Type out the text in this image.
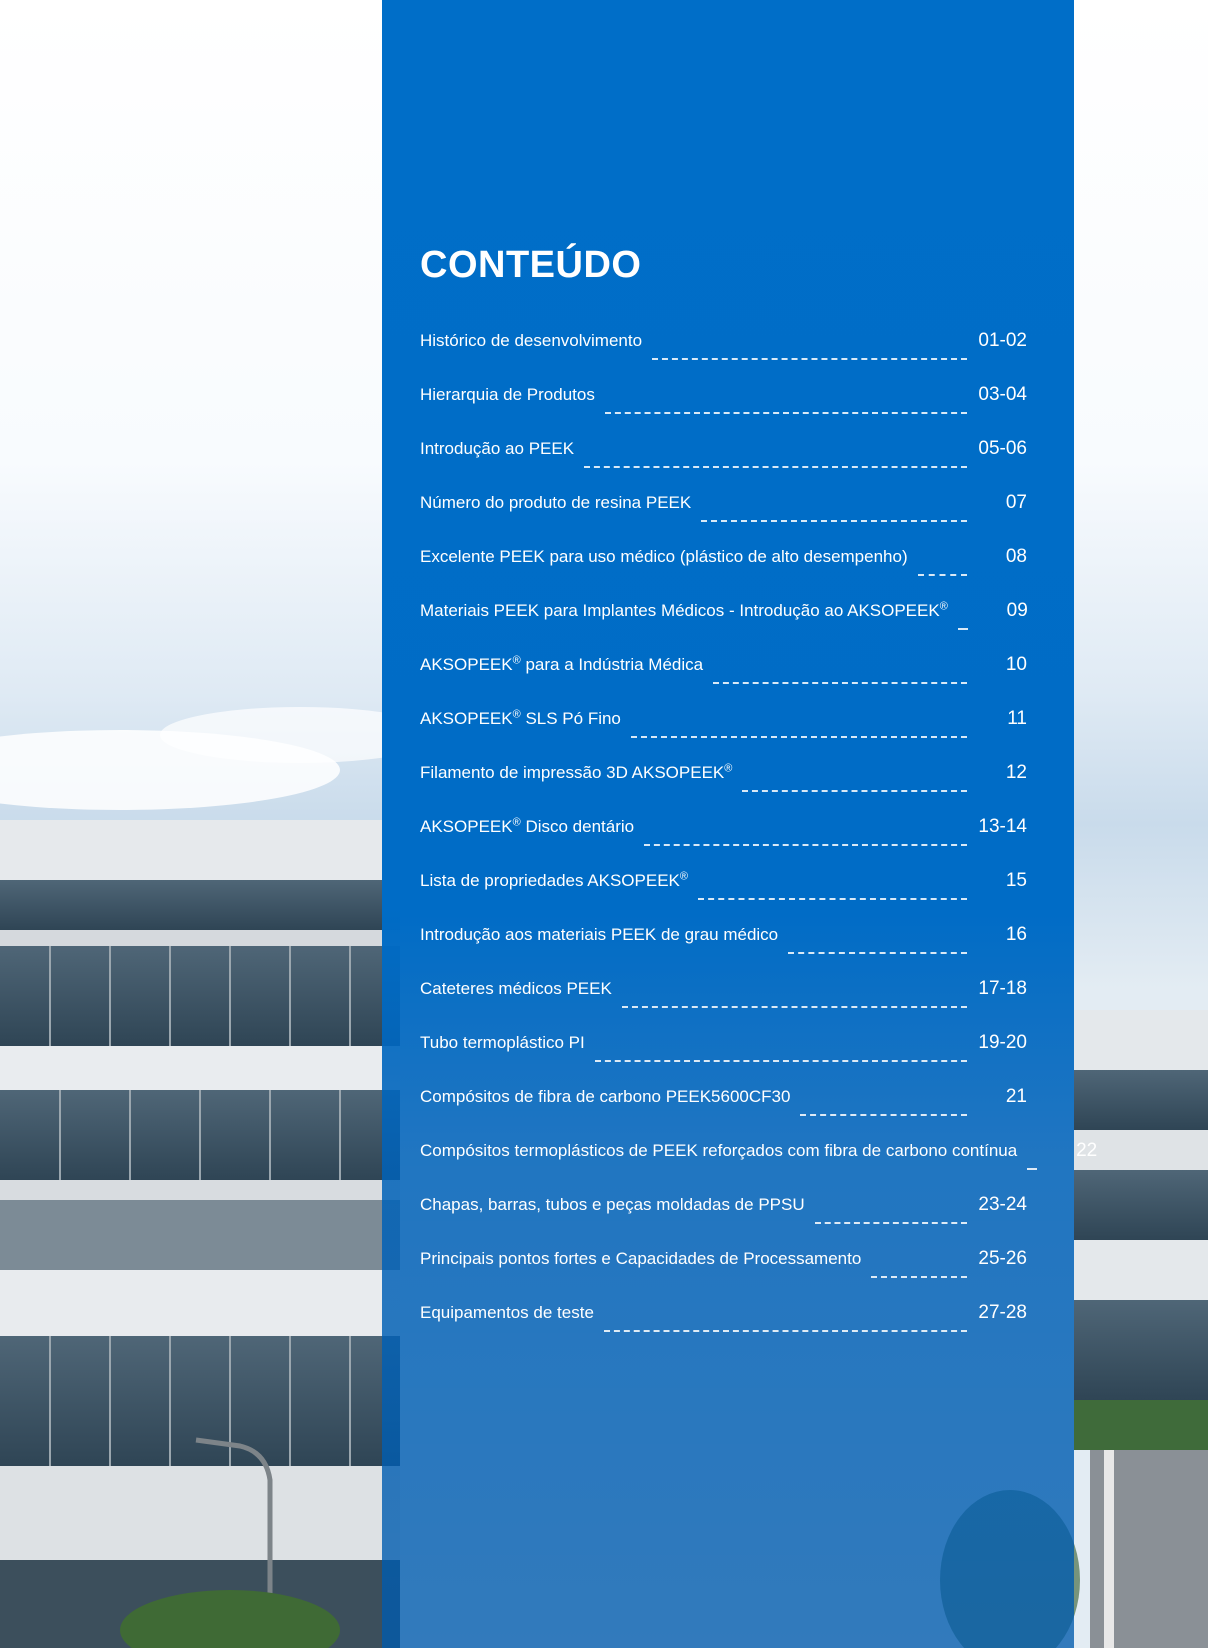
CONTEÚDO
Histórico de desenvolvimento	01-02
Hierarquia de Produtos	03-04
Introdução ao PEEK	05-06
Número do produto de resina PEEK	07
Excelente PEEK para uso médico (plástico de alto desempenho)	08
Materiais PEEK para Implantes Médicos - Introdução ao AKSOPEEK®	09
AKSOPEEK® para a Indústria Médica	10
AKSOPEEK® SLS Pó Fino	11
Filamento de impressão 3D AKSOPEEK®	12
AKSOPEEK® Disco dentário	13-14
Lista de propriedades AKSOPEEK®	15
Introdução aos materiais PEEK de grau médico	16
Cateteres médicos PEEK	17-18
Tubo termoplástico PI	19-20
Compósitos de fibra de carbono PEEK5600CF30	21
Compósitos termoplásticos de PEEK reforçados com fibra de carbono contínua	22
Chapas, barras, tubos e peças moldadas de PPSU	23-24
Principais pontos fortes e Capacidades de Processamento	25-26
Equipamentos de teste	27-28
